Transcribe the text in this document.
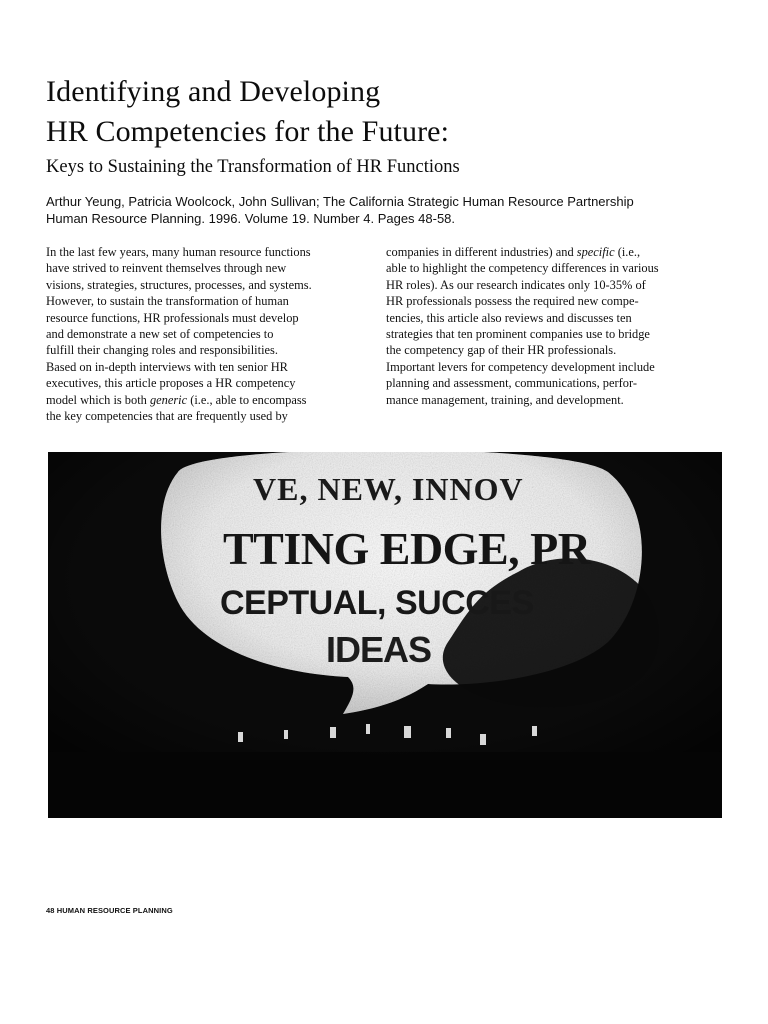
Identifying and Developing
HR Competencies for the Future:
Keys to Sustaining the Transformation of HR Functions
Arthur Yeung, Patricia Woolcock, John Sullivan; The California Strategic Human Resource Partnership
Human Resource Planning. 1996. Volume 19. Number 4. Pages 48-58.

In the last few years, many human resource functions
have strived to reinvent themselves through new
visions, strategies, structures, processes, and systems.
However, to sustain the transformation of human
resource functions, HR professionals must develop
and demonstrate a new set of competencies to
fulfill their changing roles and responsibilities.
Based on in-depth interviews with ten senior HR
executives, this article proposes a HR competency
model which is both generic (i.e., able to encompass
the key competencies that are frequently used by

companies in different industries) and specific (i.e.,
able to highlight the competency differences in various
HR roles). As our research indicates only 10-35% of
HR professionals possess the required new compe-
tencies, this article also reviews and discusses ten
strategies that ten prominent companies use to bridge
the competency gap of their HR professionals.
Important levers for competency development include
planning and assessment, communications, perfor-
mance management, training, and development.

VE, NEW, INNOV
TTING EDGE, PR
CEPTUAL, SUCCES
IDEAS
48 HUMAN RESOURCE PLANNING
